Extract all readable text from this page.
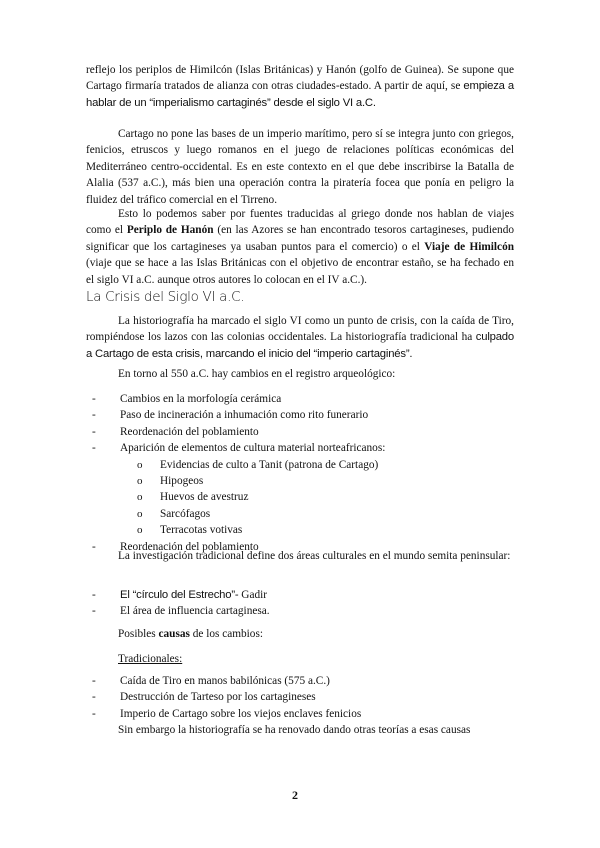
reflejo los periplos de Himilcón (Islas Británicas) y Hanón (golfo de Guinea). Se supone que Cartago firmaría tratados de alianza con otras ciudades-estado. A partir de aquí, se empieza a hablar de un “imperialismo cartaginés” desde el siglo VI a.C.

Cartago no pone las bases de un imperio marítimo, pero sí se integra junto con griegos, fenicios, etruscos y luego romanos en el juego de relaciones políticas económicas del Mediterráneo centro-occidental. Es en este contexto en el que debe inscribirse la Batalla de Alalia (537 a.C.), más bien una operación contra la piratería focea que ponía en peligro la fluidez del tráfico comercial en el Tirreno.

Esto lo podemos saber por fuentes traducidas al griego donde nos hablan de viajes como el Periplo de Hanón (en las Azores se han encontrado tesoros cartagineses, pudiendo significar que los cartagineses ya usaban puntos para el comercio) o el Viaje de Himilcón (viaje que se hace a las Islas Británicas con el objetivo de encontrar estaño, se ha fechado en el siglo VI a.C. aunque otros autores lo colocan en el IV a.C.).

La Crisis del Siglo VI a.C.

La historiografía ha marcado el siglo VI como un punto de crisis, con la caída de Tiro, rompiéndose los lazos con las colonias occidentales. La historiografía tradicional ha culpado a Cartago de esta crisis, marcando el inicio del “imperio cartaginés”.

En torno al 550 a.C. hay cambios en el registro arqueológico:

- Cambios en la morfología cerámica
- Paso de incineración a inhumación como rito funerario
- Reordenación del poblamiento
- Aparición de elementos de cultura material norteafricanos:
o Evidencias de culto a Tanit (patrona de Cartago)
o Hipogeos
o Huevos de avestruz
o Sarcófagos
o Terracotas votivas
- Reordenación del poblamiento

La investigación tradicional define dos áreas culturales en el mundo semita peninsular:

- El “círculo del Estrecho”- Gadir
- El área de influencia cartaginesa.

Posibles causas de los cambios:

Tradicionales:

- Caída de Tiro en manos babilónicas (575 a.C.)
- Destrucción de Tarteso por los cartagineses
- Imperio de Cartago sobre los viejos enclaves fenicios

Sin embargo la historiografía se ha renovado dando otras teorías a esas causas

2
